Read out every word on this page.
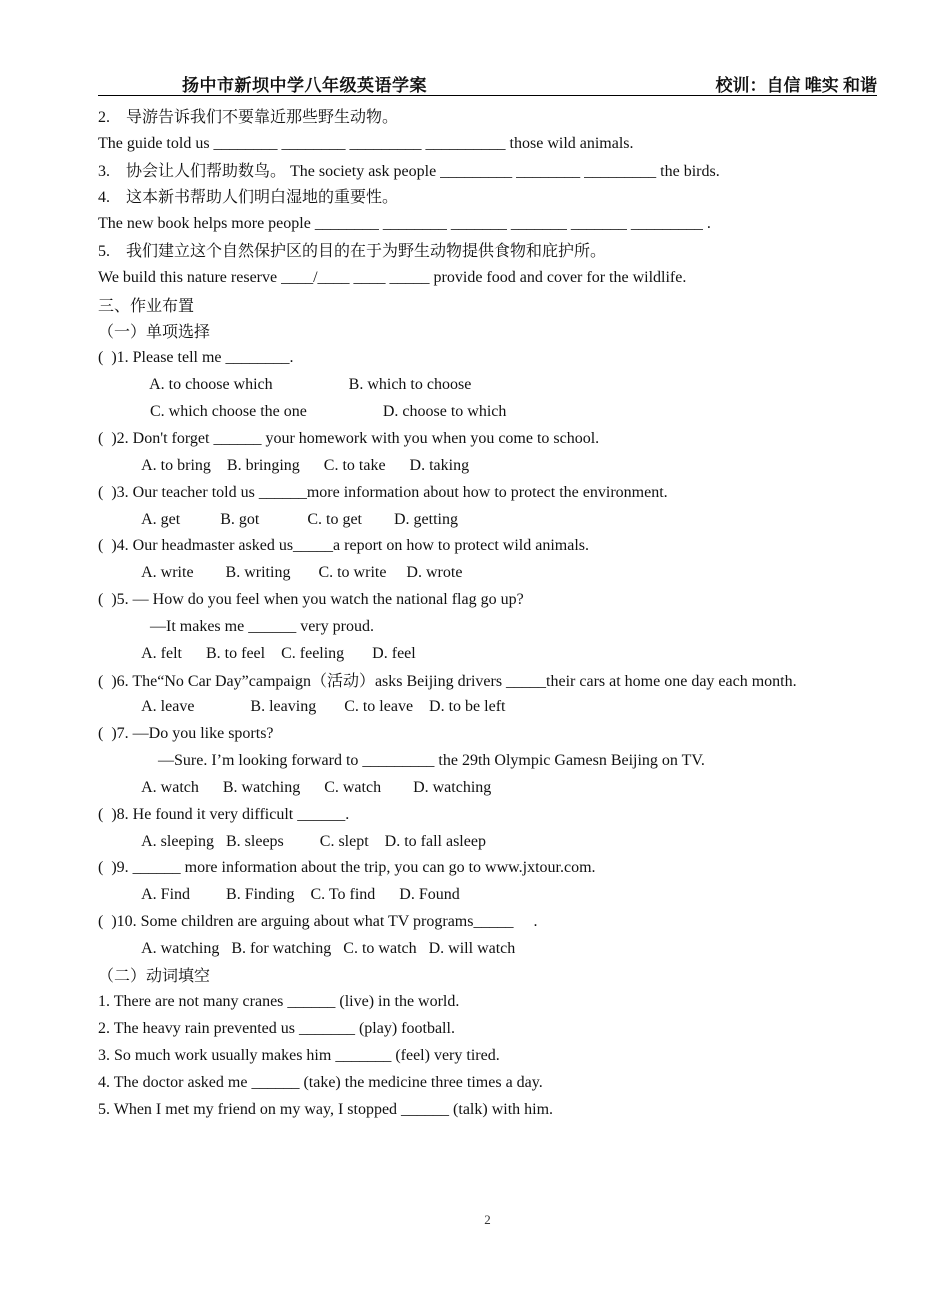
扬中市新坝中学八年级英语学案	校训：自信 唯实 和谐
2.    导游告诉我们不要靠近那些野生动物。
The guide told us ________ ________ _________ __________ those wild animals.
3.    协会让人们帮助数鸟。 The society ask people _________ ________ _________ the birds.
4.    这本新书帮助人们明白湿地的重要性。
The new book helps more people ________ ________ _______ _______ _______ _________ .
5.    我们建立这个自然保护区的目的在于为野生动物提供食物和庇护所。
We build this nature reserve ____/____ ____ _____ provide food and cover for the wildlife.
三、作业布置
（一）单项选择
(  )1. Please tell me ________.
A. to choose which                   B. which to choose
C. which choose the one                   D. choose to which
(  )2. Don't forget ______ your homework with you when you come to school.
A. to bring    B. bringing      C. to take      D. taking
(  )3. Our teacher told us ______more information about how to protect the environment.
A. get          B. got            C. to get        D. getting
(  )4. Our headmaster asked us_____a report on how to protect wild animals.
A. write        B. writing       C. to write     D. wrote
(  )5. — How do you feel when you watch the national flag go up?
—It makes me ______ very proud.
A. felt      B. to feel    C. feeling       D. feel
(  )6. The“No Car Day”campaign（活动）asks Beijing drivers _____their cars at home one day each month.
A. leave              B. leaving       C. to leave    D. to be left
(  )7. —Do you like sports?
—Sure. I’m looking forward to _________ the 29th Olympic Gamesn Beijing on TV.
A. watch      B. watching      C. watch        D. watching
(  )8. He found it very difficult ______.
A. sleeping   B. sleeps         C. slept    D. to fall asleep
(  )9. ______ more information about the trip, you can go to www.jxtour.com.
A. Find         B. Finding    C. To find      D. Found
(  )10. Some children are arguing about what TV programs_____     .
A. watching   B. for watching   C. to watch   D. will watch
（二）动词填空
1. There are not many cranes ______ (live) in the world.
2. The heavy rain prevented us _______ (play) football.
3. So much work usually makes him _______ (feel) very tired.
4. The doctor asked me ______ (take) the medicine three times a day.
5. When I met my friend on my way, I stopped ______ (talk) with him.
2
